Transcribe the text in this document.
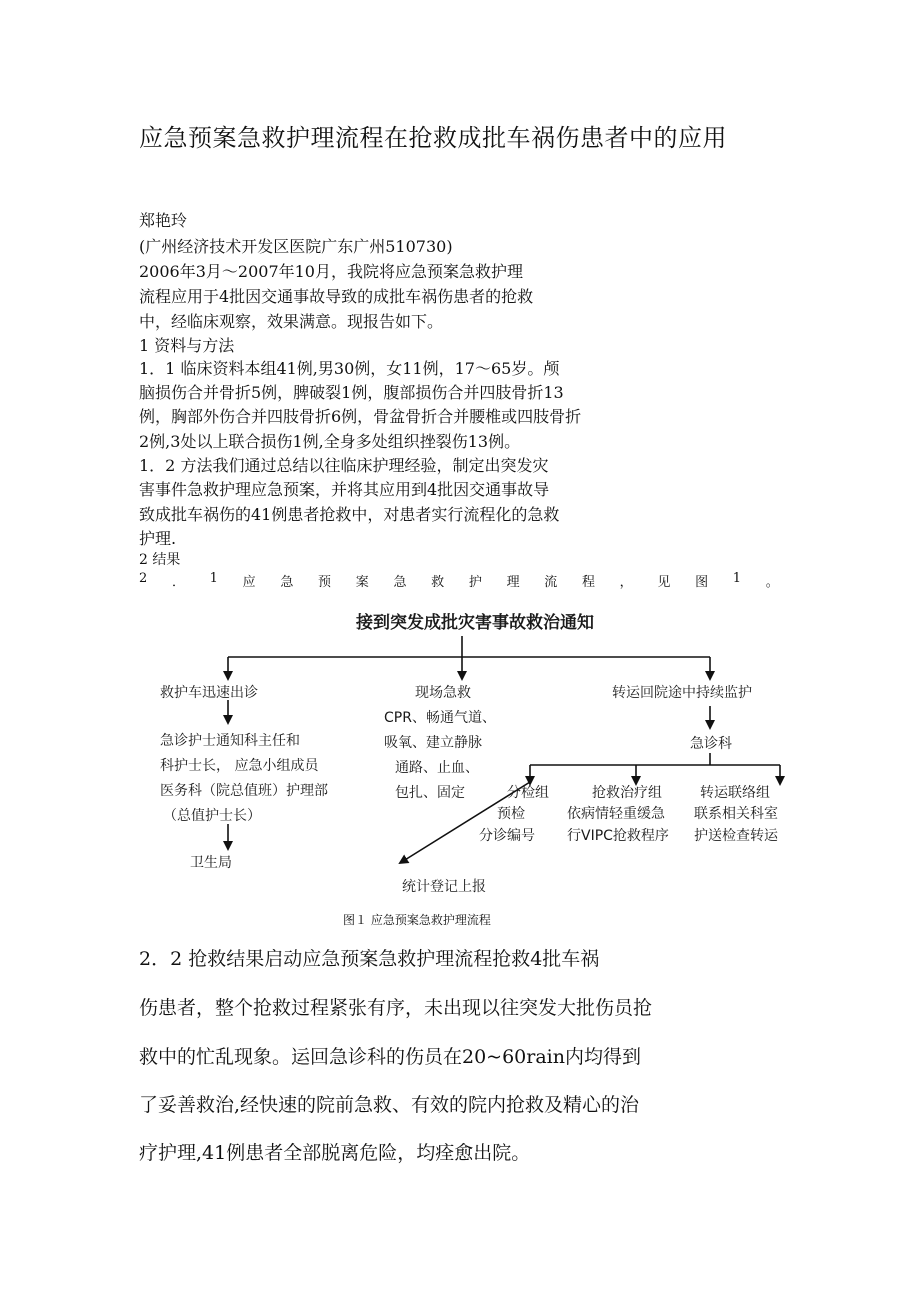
应急预案急救护理流程在抢救成批车祸伤患者中的应用
郑艳玲
(广州经济技术开发区医院广东广州510730)
2006年3月～2007年10月，我院将应急预案急救护理
流程应用于4批因交通事故导致的成批车祸伤患者的抢救
中，经临床观察，效果满意。现报告如下。
1 资料与方法
1．1 临床资料本组41例,男30例，女11例，17～65岁。颅
脑损伤合并骨折5例，脾破裂1例，腹部损伤合并四肢骨折13
例，胸部外伤合并四肢骨折6例，骨盆骨折合并腰椎或四肢骨折
2例,3处以上联合损伤1例,全身多处组织挫裂伤13例。
1．2 方法我们通过总结以往临床护理经验，制定出突发灾
害事件急救护理应急预案，并将其应用到4批因交通事故导
致成批车祸伤的41例患者抢救中，对患者实行流程化的急救
护理.
2 结果
2 ． 1 应 急 预 案 急 救 护 理 流 程 ， 见 图 1 。
接到突发成批灾害事故救治通知
救护车迅速出诊
急诊护士通知科主任和
科护士长， 应急小组成员
医务科（院总值班）护理部
（总值护士长）
卫生局
现场急救
CPR、畅通气道、
吸氧、建立静脉
通路、止血、
包扎、固定
转运回院途中持续监护
急诊科
分检组
预检
分诊编号
抢救治疗组
依病情轻重缓急
行VIPC抢救程序
转运联络组
联系相关科室
护送检查转运
统计登记上报
图１ 应急预案急救护理流程
2．2 抢救结果启动应急预案急救护理流程抢救4批车祸
伤患者，整个抢救过程紧张有序，未出现以往突发大批伤员抢
救中的忙乱现象。运回急诊科的伤员在20~60rain内均得到
了妥善救治,经快速的院前急救、有效的院内抢救及精心的治
疗护理,41例患者全部脱离危险，均痊愈出院。
